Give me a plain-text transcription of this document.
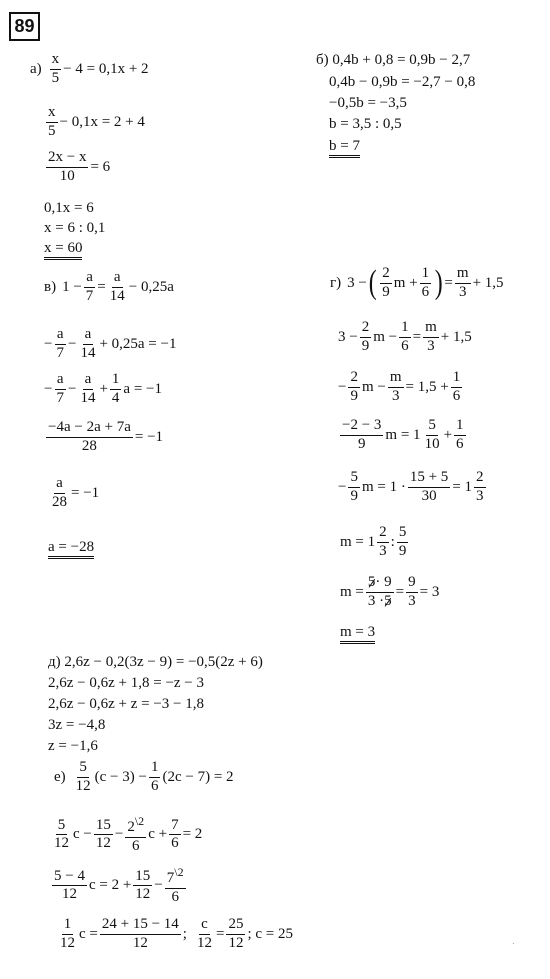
89
а)
x
5
− 4 = 0,1x + 2
x
5
− 0,1x = 2 + 4
$\frac{2x - x}{10} = 6$
0,1x = 6
x = 6 : 0,1
x = 60
б) 0,4b + 0,8 = 0,9b − 2,7
0,4b − 0,9b = −2,7 − 0,8
−0,5b = −3,5
b = 3,5 : 0,5
b = 7
в) $1 - \frac{a}{7} = \frac{a}{14} - 0,25a$
− $\frac{a}{7} - \frac{a}{14} + 0,25a = -1$
− $\frac{a}{7} - \frac{a}{14} + \frac{1}{4}$ a = −1
$\frac{-4a - 2a + 7a}{28} = -1$
$\frac{a}{28} = -1$
a = −28
г) 3 − ( 2
9
$m + \frac{1}{6}$ ) = $\frac{m}{3} + 1,5$
$3 - \frac{2}{9}$ $m - \frac{1}{6} = \frac{m}{3} + 1,5$
− $\frac{2}{9}$ $m - \frac{m}{3} = 1,5 + \frac{1}{6}$
−2 − 3
9
m = 1
5
10
+ $\frac{1}{6}$
− $\frac{5}{9}$ $m = 1 \cdot \frac{15 + 5}{30} = 1$
2
3
m = 1
2
3
:
5
9
$m = \frac{5\cdot 9}{3 \cdot 5} = \frac{9}{3} = 3$
m = 3
д) 2,6z − 0,2(3z − 9) = −0,5(2z + 6)
2,6z − 0,6z + 1,8 = −z − 3
2,6z − 0,6z + z = −3 − 1,8
3z = −4,8
z = −1,6
е)
5
12
$(c - 3) - \frac{1}{6} (2c - 7) = 2$
5
12
$c - \frac{15}{12} - \frac{2^{\backslash 2}}{6}$ $c + \frac{7}{6} = 2$
5 − 4
12
$c = 2 + \frac{15}{12} - \frac{7^{\backslash 2}}{6}$
1
12
$c = \frac{24 + 15 - 14}{12}$ ; $\frac{c}{12} = \frac{25}{12}$ ; c = 25
.
